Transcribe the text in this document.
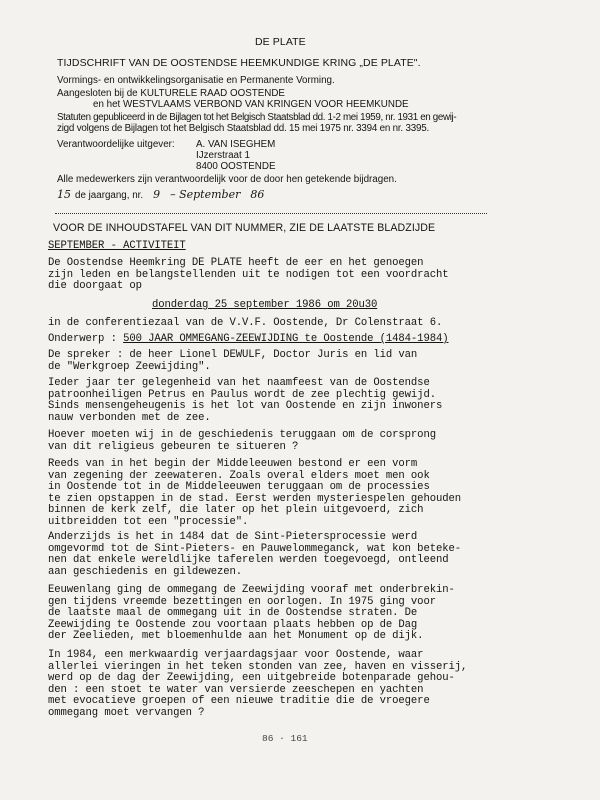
DE PLATE
TIJDSCHRIFT VAN DE OOSTENDSE HEEMKUNDIGE KRING „DE PLATE".
Vormings- en ontwikkelingsorganisatie en Permanente Vorming.
Aangesloten bij de KULTURELE RAAD OOSTENDE
en het WESTVLAAMS VERBOND VAN KRINGEN VOOR HEEMKUNDE
Statuten gepubliceerd in de Bijlagen tot het Belgisch Staatsblad dd. 1-2 mei 1959, nr. 1931 en gewij-
zigd volgens de Bijlagen tot het Belgisch Staatsblad dd. 15 mei 1975 nr. 3394 en nr. 3395.
Verantwoordelijke uitgever: A. VAN ISEGHEM
IJzerstraat 1
8400 OOSTENDE
Alle medewerkers zijn verantwoordelijk voor de door hen getekende bijdragen.
15 de jaargang, nr. 9 – September 86
VOOR DE INHOUDSTAFEL VAN DIT NUMMER, ZIE DE LAATSTE BLADZIJDE
SEPTEMBER - ACTIVITEIT

De Oostendse Heemkring DE PLATE heeft de eer en het genoegen
zijn leden en belangstellenden uit te nodigen tot een voordracht
die doorgaat op

donderdag 25 september 1986 om 20u30
in de conferentiezaal van de V.V.F. Oostende, Dr Colenstraat 6.
Onderwerp : 500 JAAR OMMEGANG-ZEEWIJDING te Oostende (1484-1984)

De spreker : de heer Lionel DEWULF, Doctor Juris en lid van
de "Werkgroep Zeewijding".

Ieder jaar ter gelegenheid van het naamfeest van de Oostendse
patroonheiligen Petrus en Paulus wordt de zee plechtig gewijd.
Sinds mensengeheugenis is het lot van Oostende en zijn inwoners
nauw verbonden met de zee.

Hoever moeten wij in de geschiedenis teruggaan om de corsprong
van dit religieus gebeuren te situeren ?

Reeds van in het begin der Middeleeuwen bestond er een vorm
van zegening der zeewateren. Zoals overal elders moet men ook
in Oostende tot in de Middeleeuwen teruggaan om de processies
te zien opstappen in de stad. Eerst werden mysteriespelen gehouden
binnen de kerk zelf, die later op het plein uitgevoerd, zich
uitbreidden tot een "processie".

Anderzijds is het in 1484 dat de Sint-Pietersprocessie werd
omgevormd tot de Sint-Pieters- en Pauwelommeganck, wat kon beteke-
nen dat enkele wereldlijke taferelen werden toegevoegd, ontleend
aan geschiedenis en gildewezen.

Eeuwenlang ging de ommegang de Zeewijding vooraf met onderbrekin-
gen tijdens vreemde bezettingen en oorlogen. In 1975 ging voor
de laatste maal de ommegang uit in de Oostendse straten. De
Zeewijding te Oostende zou voortaan plaats hebben op de Dag
der Zeelieden, met bloemenhulde aan het Monument op de dijk.

In 1984, een merkwaardig verjaardagsjaar voor Oostende, waar
allerlei vieringen in het teken stonden van zee, haven en visserij,
werd op de dag der Zeewijding, een uitgebreide botenparade gehou-
den : een stoet te water van versierde zeeschepen en yachten
met evocatieve groepen of een nieuwe traditie die de vroegere
ommegang moet vervangen ?

86 · 161
